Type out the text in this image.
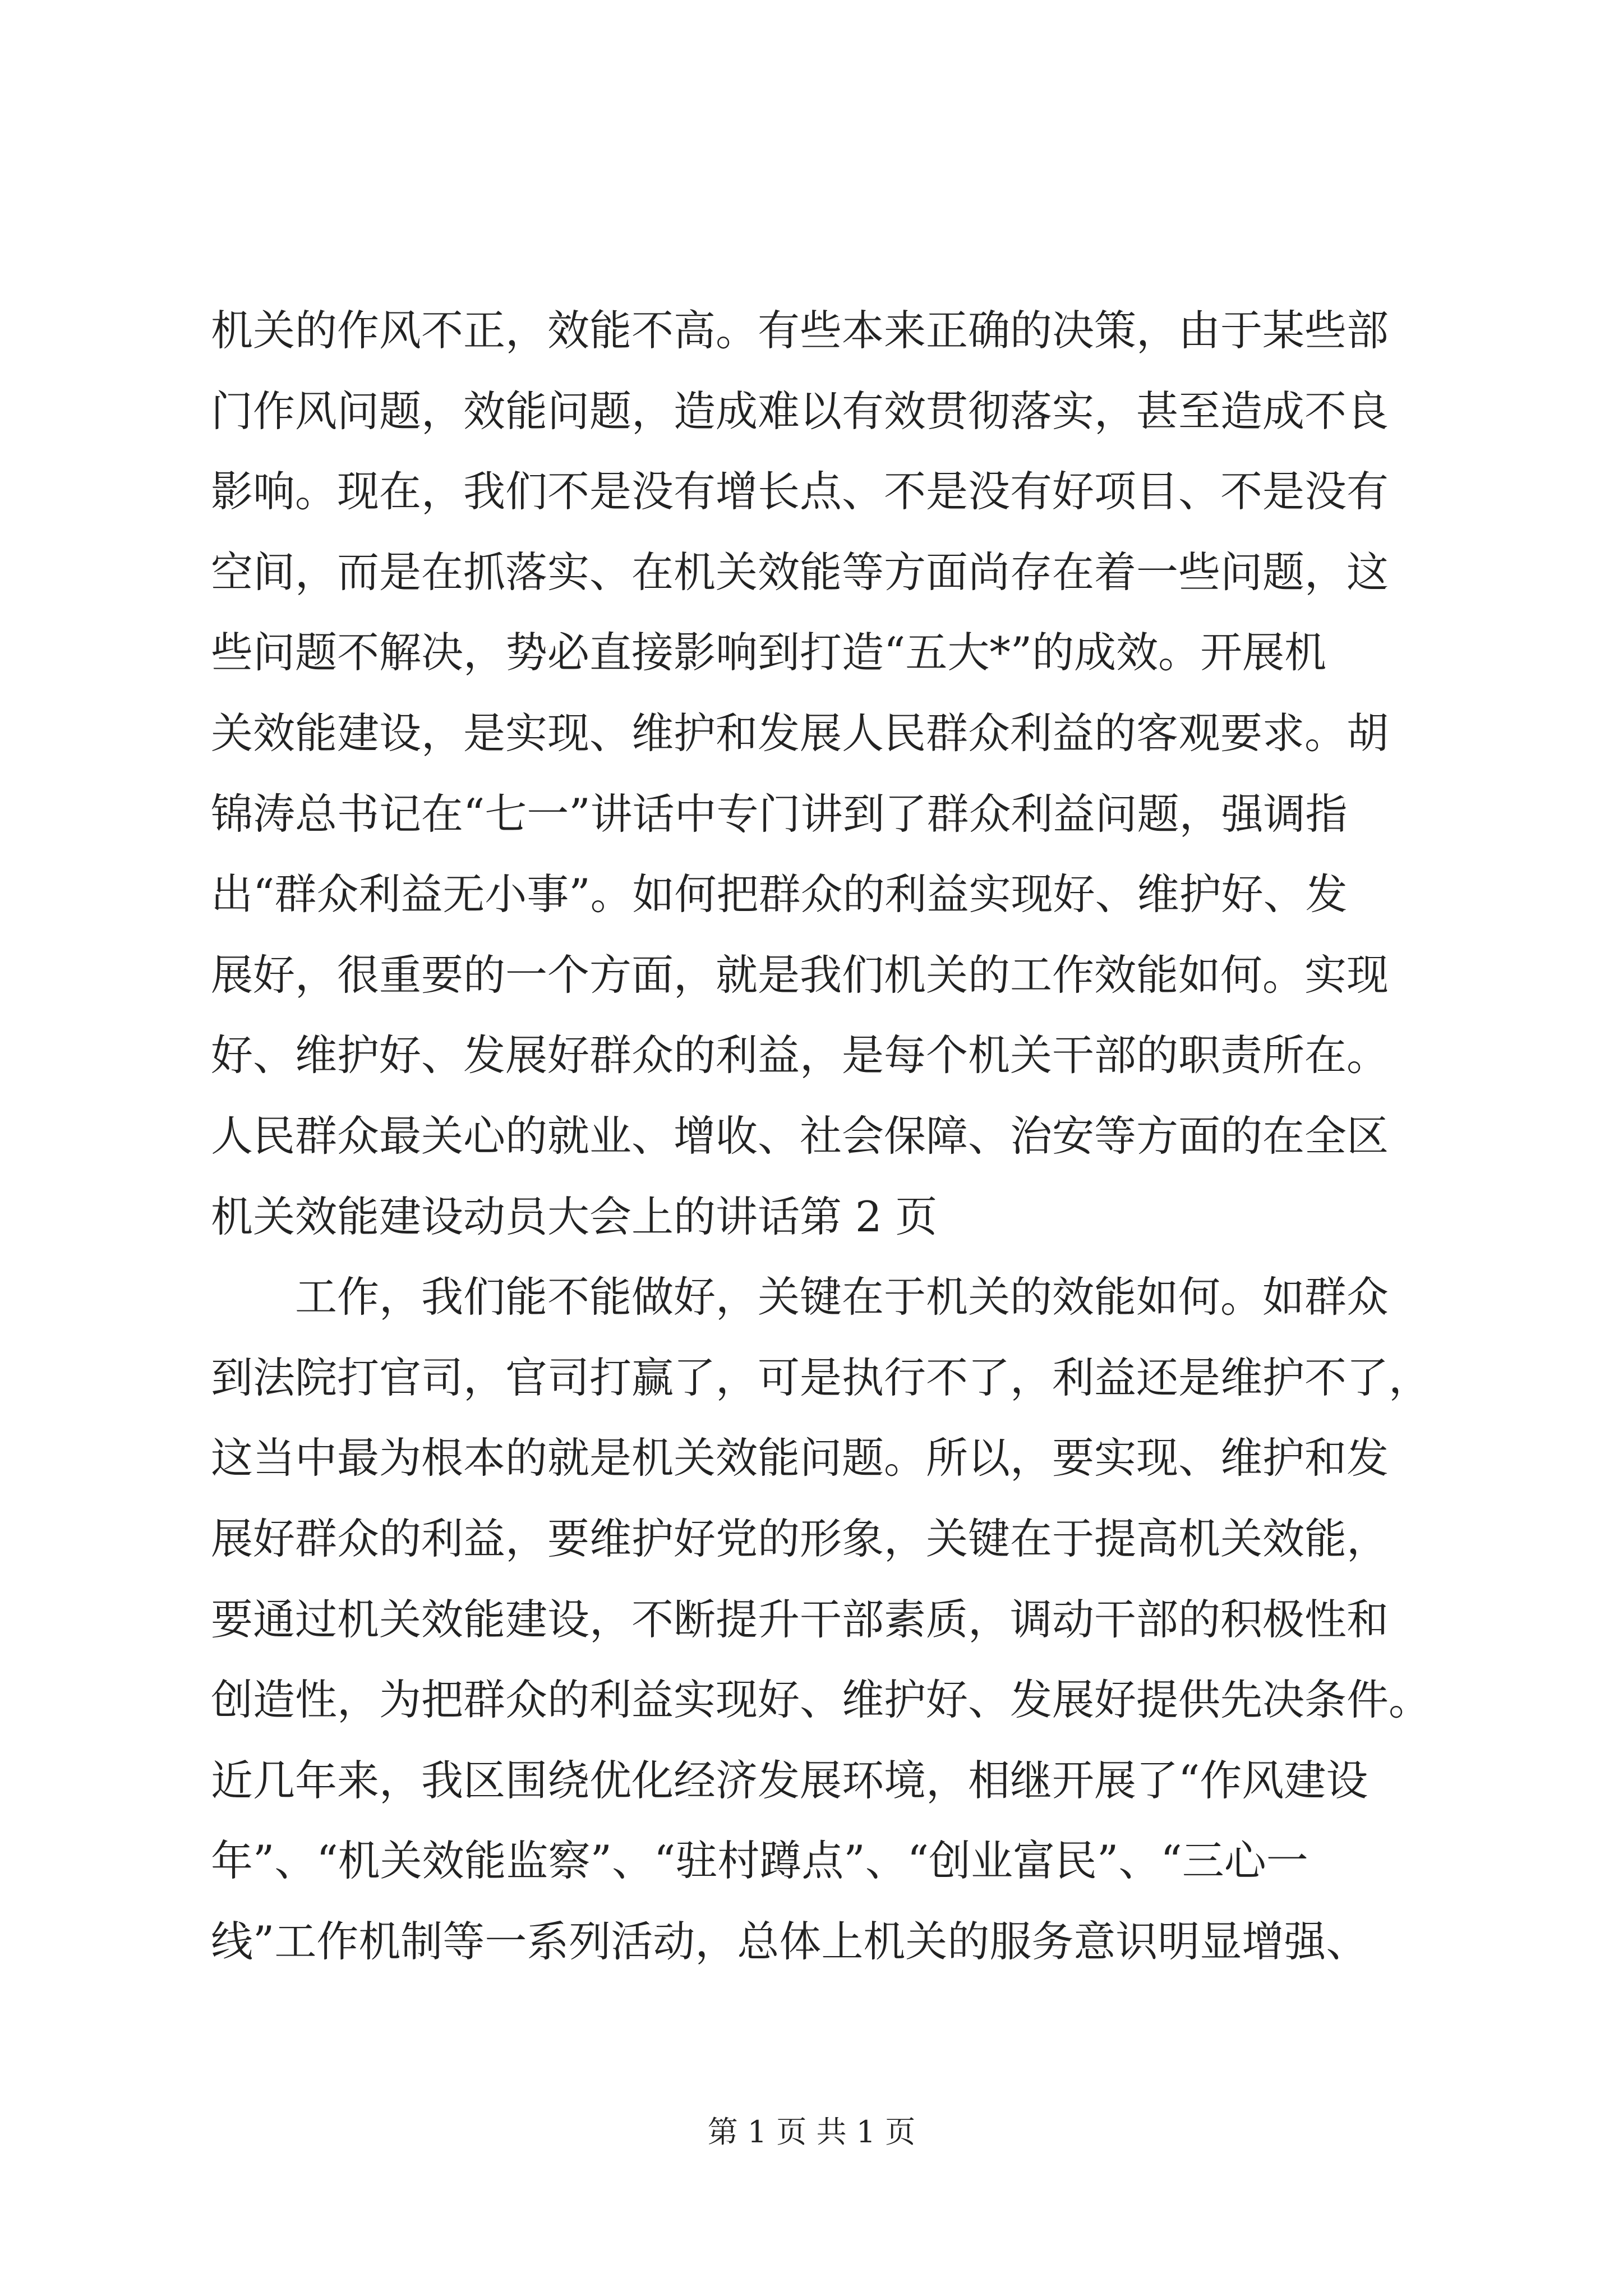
机关的作风不正，效能不高。有些本来正确的决策，由于某些部
门作风问题，效能问题，造成难以有效贯彻落实，甚至造成不良
影响。现在，我们不是没有增长点、不是没有好项目、不是没有
空间，而是在抓落实、在机关效能等方面尚存在着一些问题，这
些问题不解决，势必直接影响到打造“五大*”的成效。开展机
关效能建设，是实现、维护和发展人民群众利益的客观要求。胡
锦涛总书记在“七一”讲话中专门讲到了群众利益问题，强调指
出“群众利益无小事”。如何把群众的利益实现好、维护好、发
展好，很重要的一个方面，就是我们机关的工作效能如何。实现
好、维护好、发展好群众的利益，是每个机关干部的职责所在。
人民群众最关心的就业、增收、社会保障、治安等方面的在全区
机关效能建设动员大会上的讲话第 2 页
　　工作，我们能不能做好，关键在于机关的效能如何。如群众
到法院打官司，官司打赢了，可是执行不了，利益还是维护不了，
这当中最为根本的就是机关效能问题。所以，要实现、维护和发
展好群众的利益，要维护好党的形象，关键在于提高机关效能，
要通过机关效能建设，不断提升干部素质，调动干部的积极性和
创造性，为把群众的利益实现好、维护好、发展好提供先决条件。
近几年来，我区围绕优化经济发展环境，相继开展了“作风建设
年”、“机关效能监察”、“驻村蹲点”、“创业富民”、“三心一
线”工作机制等一系列活动，总体上机关的服务意识明显增强、
第 1 页 共 1 页
